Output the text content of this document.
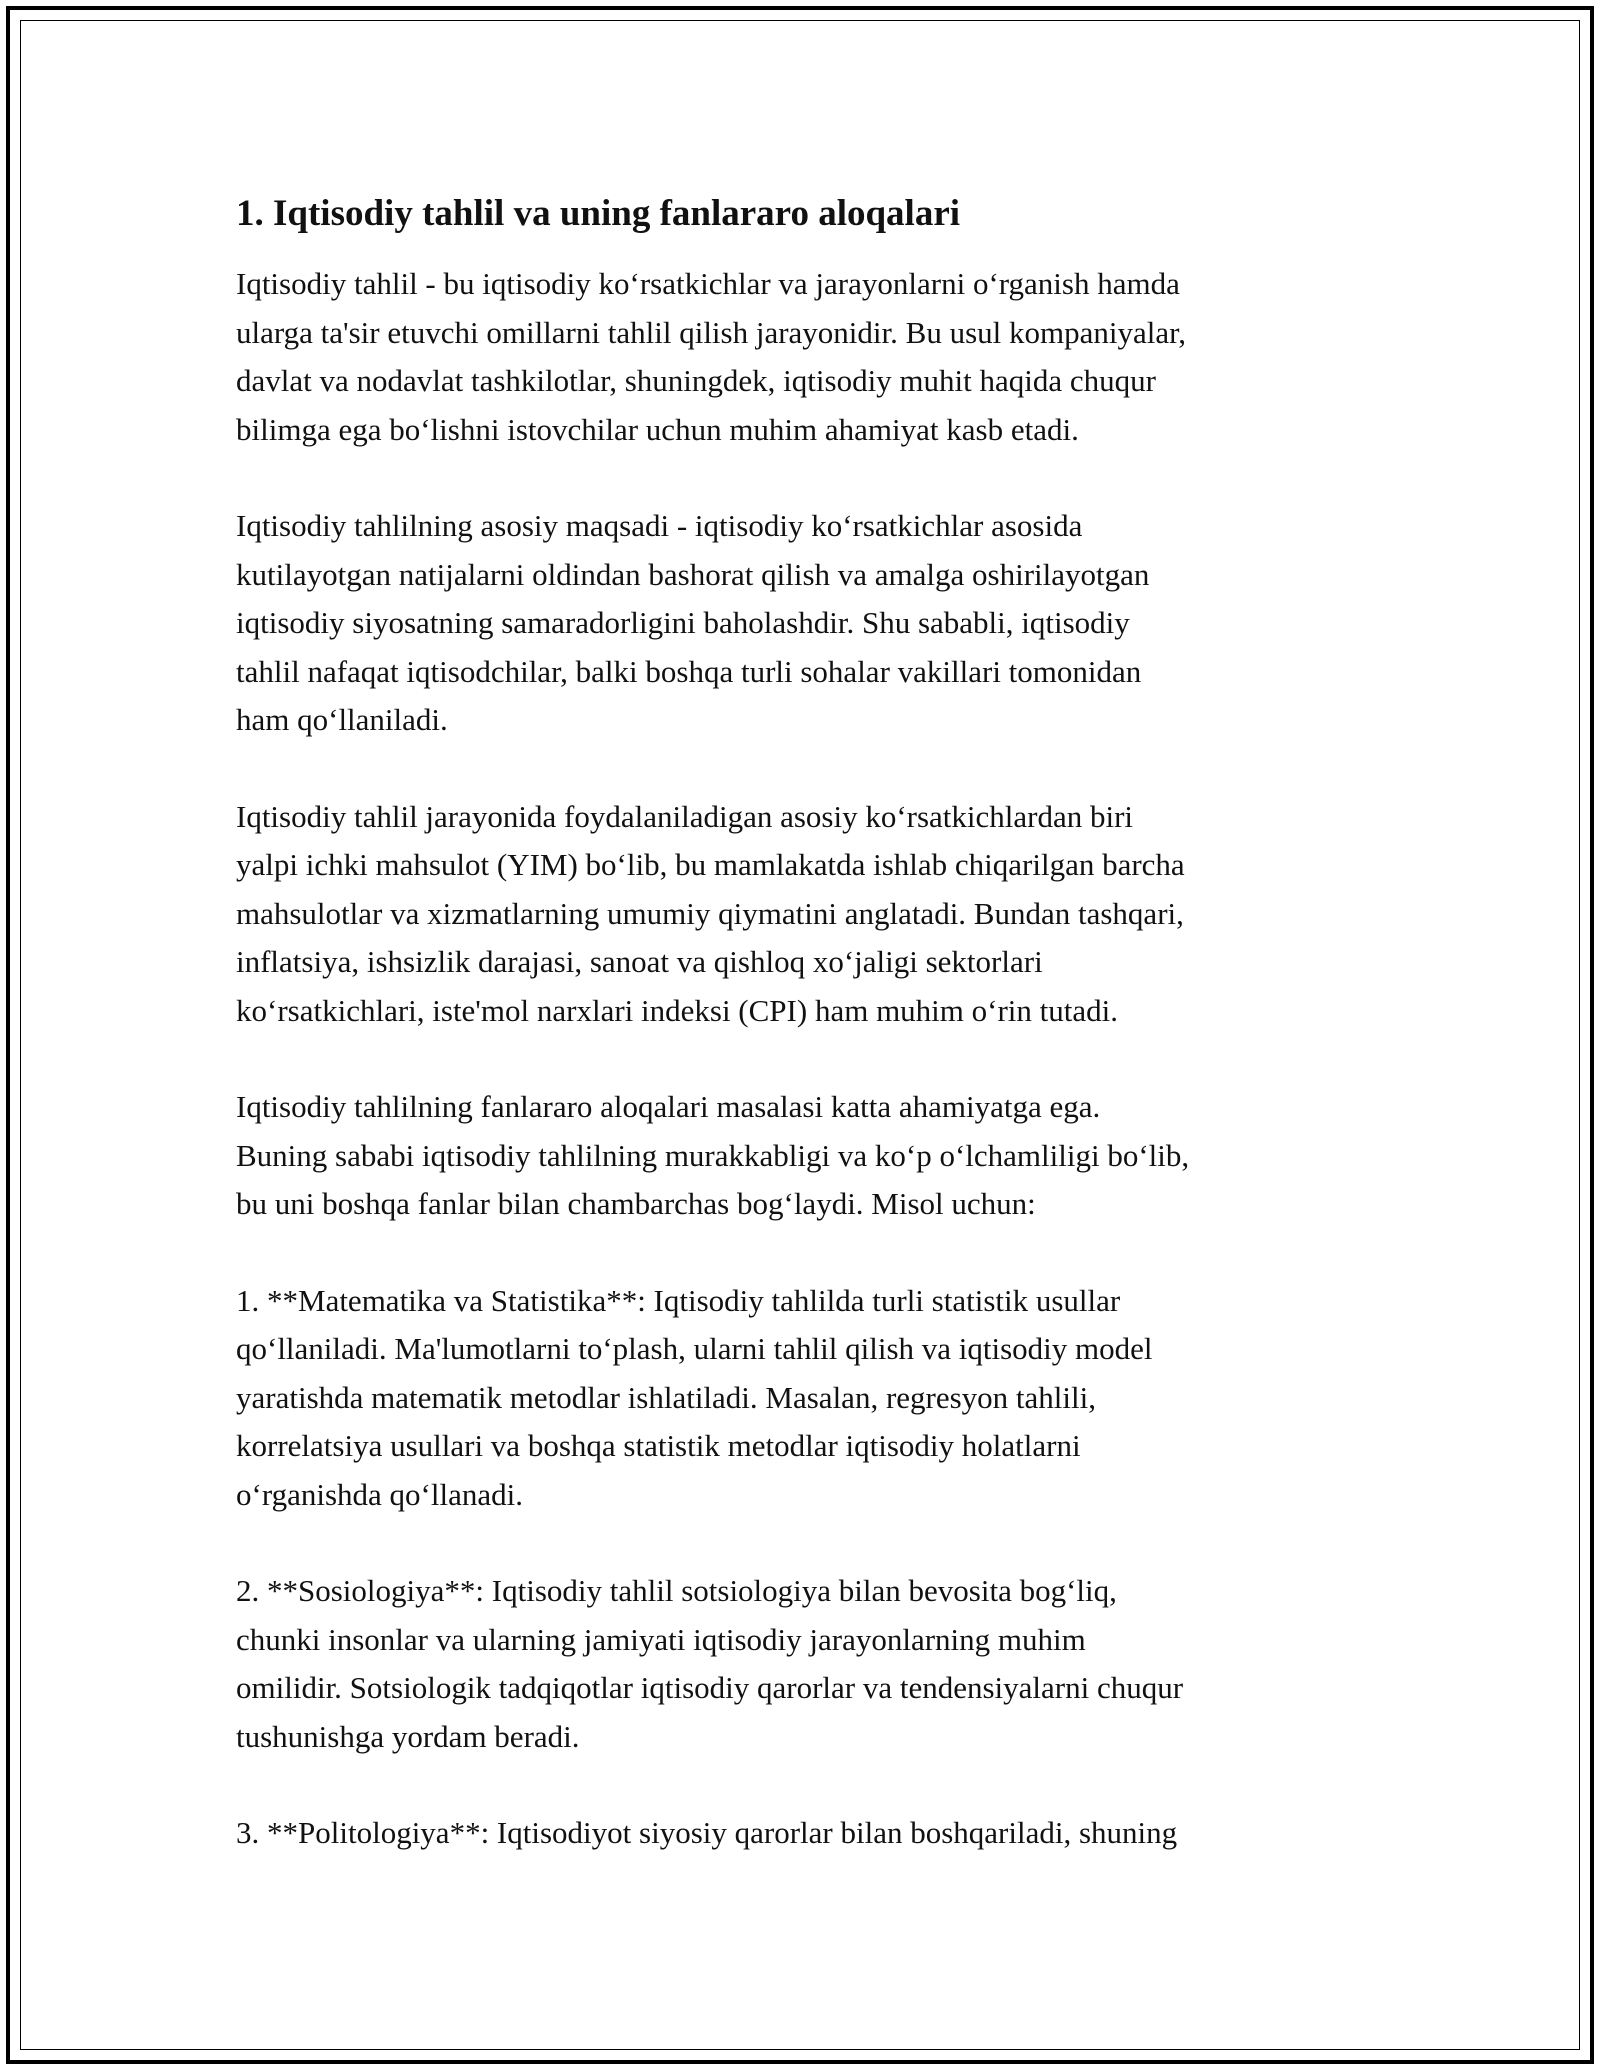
1. Iqtisodiy tahlil va uning fanlararo aloqalari

Iqtisodiy tahlil - bu iqtisodiy koʻrsatkichlar va jarayonlarni oʻrganish hamda
ularga ta'sir etuvchi omillarni tahlil qilish jarayonidir. Bu usul kompaniyalar,
davlat va nodavlat tashkilotlar, shuningdek, iqtisodiy muhit haqida chuqur
bilimga ega boʻlishni istovchilar uchun muhim ahamiyat kasb etadi.

Iqtisodiy tahlilning asosiy maqsadi - iqtisodiy koʻrsatkichlar asosida
kutilayotgan natijalarni oldindan bashorat qilish va amalga oshirilayotgan
iqtisodiy siyosatning samaradorligini baholashdir. Shu sababli, iqtisodiy
tahlil nafaqat iqtisodchilar, balki boshqa turli sohalar vakillari tomonidan
ham qoʻllaniladi.

Iqtisodiy tahlil jarayonida foydalaniladigan asosiy koʻrsatkichlardan biri
yalpi ichki mahsulot (YIM) boʻlib, bu mamlakatda ishlab chiqarilgan barcha
mahsulotlar va xizmatlarning umumiy qiymatini anglatadi. Bundan tashqari,
inflatsiya, ishsizlik darajasi, sanoat va qishloq xoʻjaligi sektorlari
koʻrsatkichlari, iste'mol narxlari indeksi (CPI) ham muhim oʻrin tutadi.

Iqtisodiy tahlilning fanlararo aloqalari masalasi katta ahamiyatga ega.
Buning sababi iqtisodiy tahlilning murakkabligi va koʻp oʻlchamliligi boʻlib,
bu uni boshqa fanlar bilan chambarchas bogʻlaydi. Misol uchun:

1. **Matematika va Statistika**: Iqtisodiy tahlilda turli statistik usullar
qoʻllaniladi. Ma'lumotlarni toʻplash, ularni tahlil qilish va iqtisodiy model
yaratishda matematik metodlar ishlatiladi. Masalan, regresyon tahlili,
korrelatsiya usullari va boshqa statistik metodlar iqtisodiy holatlarni
oʻrganishda qoʻllanadi.

2. **Sosiologiya**: Iqtisodiy tahlil sotsiologiya bilan bevosita bogʻliq,
chunki insonlar va ularning jamiyati iqtisodiy jarayonlarning muhim
omilidir. Sotsiologik tadqiqotlar iqtisodiy qarorlar va tendensiyalarni chuqur
tushunishga yordam beradi.

3. **Politologiya**: Iqtisodiyot siyosiy qarorlar bilan boshqariladi, shuning
